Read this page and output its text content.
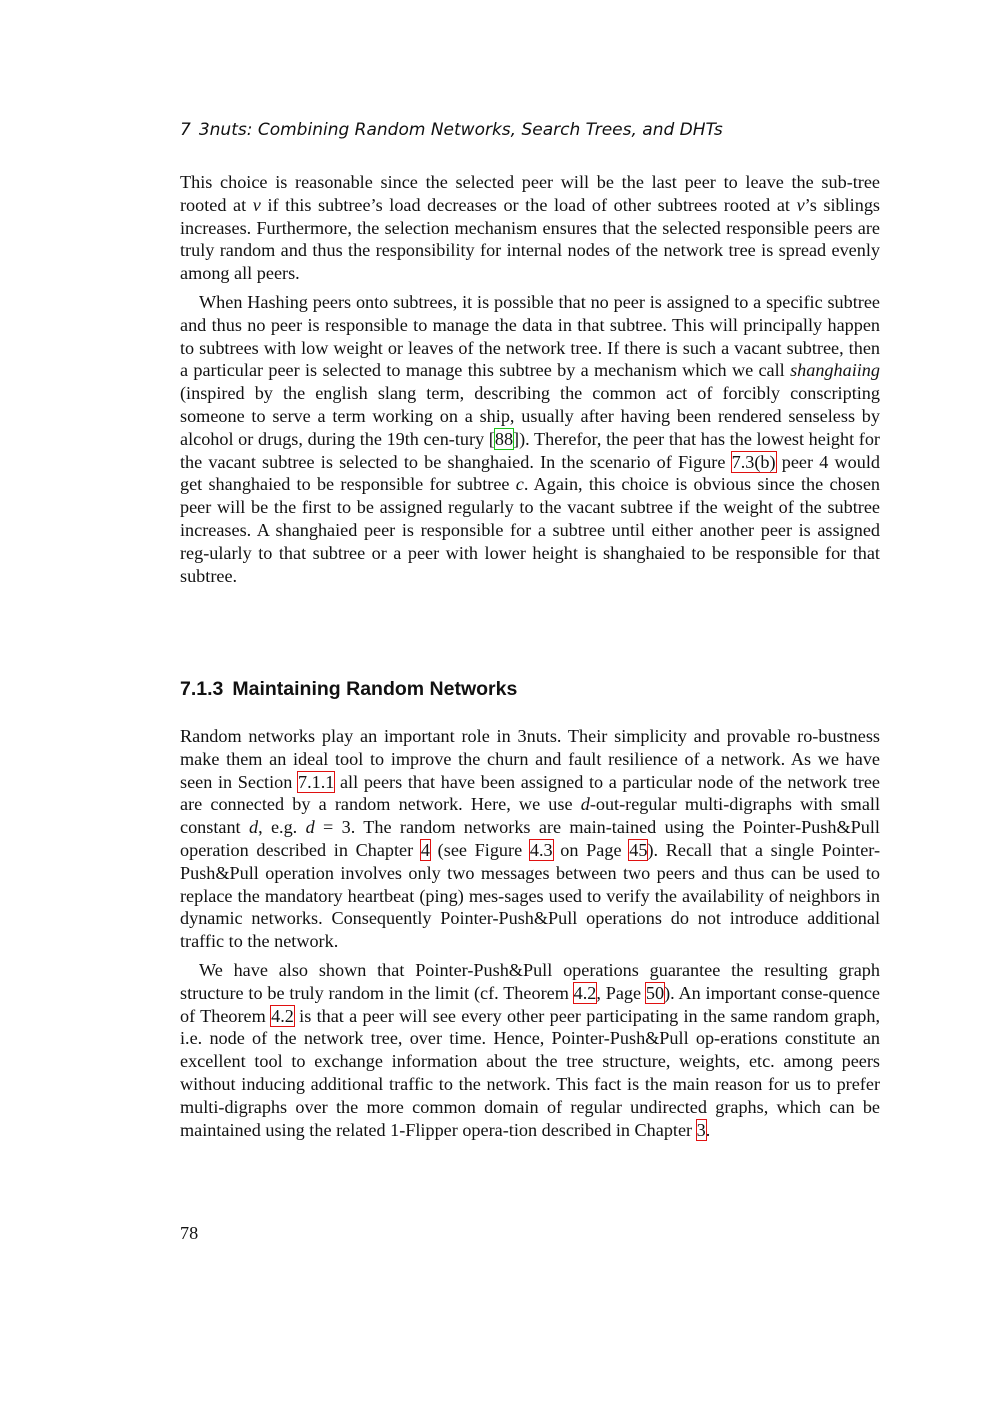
7 3nuts: Combining Random Networks, Search Trees, and DHTs

This choice is reasonable since the selected peer will be the last peer to leave the sub-tree rooted at v if this subtree’s load decreases or the load of other subtrees rooted at v’s siblings increases. Furthermore, the selection mechanism ensures that the selected responsible peers are truly random and thus the responsibility for internal nodes of the network tree is spread evenly among all peers.

When Hashing peers onto subtrees, it is possible that no peer is assigned to a specific subtree and thus no peer is responsible to manage the data in that subtree. This will principally happen to subtrees with low weight or leaves of the network tree. If there is such a vacant subtree, then a particular peer is selected to manage this subtree by a mechanism which we call shanghaiing (inspired by the english slang term, describing the common act of forcibly conscripting someone to serve a term working on a ship, usually after having been rendered senseless by alcohol or drugs, during the 19th cen-tury [88]). Therefor, the peer that has the lowest height for the vacant subtree is selected to be shanghaied. In the scenario of Figure 7.3(b) peer 4 would get shanghaied to be responsible for subtree c. Again, this choice is obvious since the chosen peer will be the first to be assigned regularly to the vacant subtree if the weight of the subtree increases. A shanghaied peer is responsible for a subtree until either another peer is assigned reg-ularly to that subtree or a peer with lower height is shanghaied to be responsible for that subtree.

7.1.3 Maintaining Random Networks

Random networks play an important role in 3nuts. Their simplicity and provable ro-bustness make them an ideal tool to improve the churn and fault resilience of a network. As we have seen in Section 7.1.1 all peers that have been assigned to a particular node of the network tree are connected by a random network. Here, we use d-out-regular multi-digraphs with small constant d, e.g. d = 3. The random networks are main-tained using the Pointer-Push&Pull operation described in Chapter 4 (see Figure 4.3 on Page 45). Recall that a single Pointer-Push&Pull operation involves only two messages between two peers and thus can be used to replace the mandatory heartbeat (ping) mes-sages used to verify the availability of neighbors in dynamic networks. Consequently Pointer-Push&Pull operations do not introduce additional traffic to the network.

We have also shown that Pointer-Push&Pull operations guarantee the resulting graph structure to be truly random in the limit (cf. Theorem 4.2, Page 50). An important conse-quence of Theorem 4.2 is that a peer will see every other peer participating in the same random graph, i.e. node of the network tree, over time. Hence, Pointer-Push&Pull op-erations constitute an excellent tool to exchange information about the tree structure, weights, etc. among peers without inducing additional traffic to the network. This fact is the main reason for us to prefer multi-digraphs over the more common domain of regular undirected graphs, which can be maintained using the related 1-Flipper opera-tion described in Chapter 3.

78
